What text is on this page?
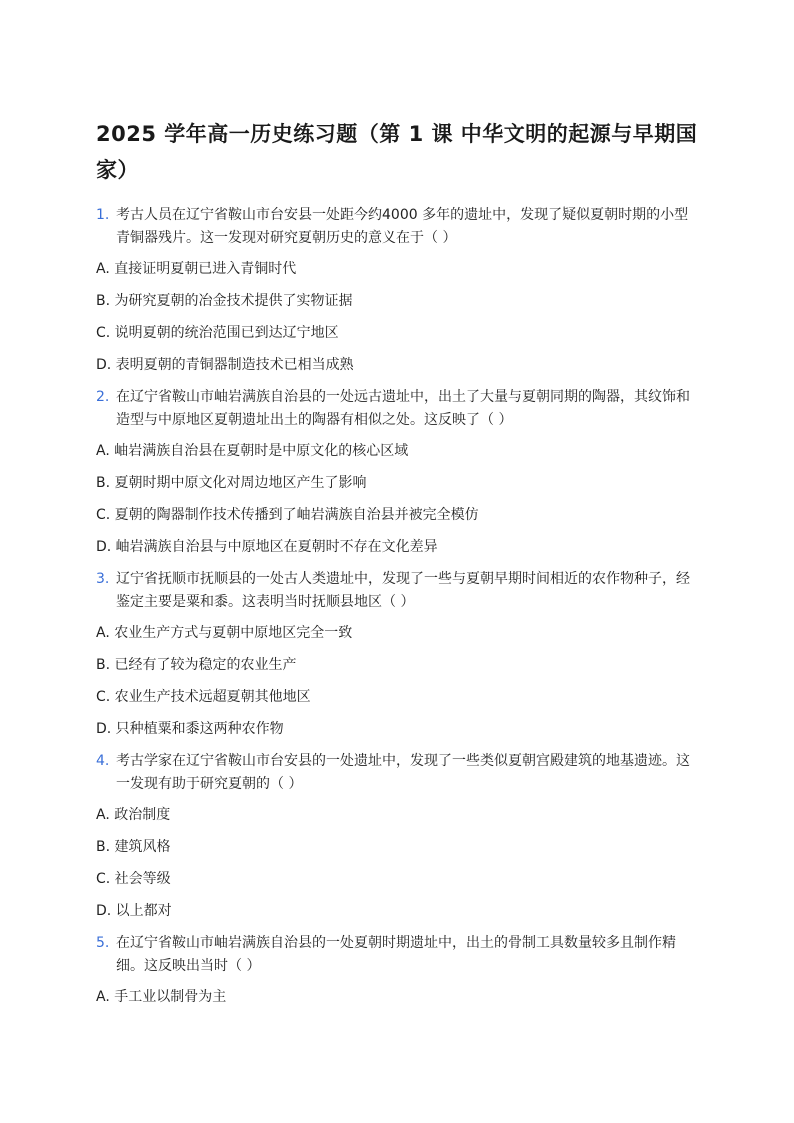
2025 学年高一历史练习题（第 1 课 中华文明的起源与早期国家）
1. 考古人员在辽宁省鞍山市台安县一处距今约4000 多年的遗址中，发现了疑似夏朝时期的小型青铜器残片。这一发现对研究夏朝历史的意义在于（ ）
A. 直接证明夏朝已进入青铜时代
B. 为研究夏朝的冶金技术提供了实物证据
C. 说明夏朝的统治范围已到达辽宁地区
D. 表明夏朝的青铜器制造技术已相当成熟
2. 在辽宁省鞍山市岫岩满族自治县的一处远古遗址中，出土了大量与夏朝同期的陶器，其纹饰和造型与中原地区夏朝遗址出土的陶器有相似之处。这反映了（ ）
A. 岫岩满族自治县在夏朝时是中原文化的核心区域
B. 夏朝时期中原文化对周边地区产生了影响
C. 夏朝的陶器制作技术传播到了岫岩满族自治县并被完全模仿
D. 岫岩满族自治县与中原地区在夏朝时不存在文化差异
3. 辽宁省抚顺市抚顺县的一处古人类遗址中，发现了一些与夏朝早期时间相近的农作物种子，经鉴定主要是粟和黍。这表明当时抚顺县地区（ ）
A. 农业生产方式与夏朝中原地区完全一致
B. 已经有了较为稳定的农业生产
C. 农业生产技术远超夏朝其他地区
D. 只种植粟和黍这两种农作物
4. 考古学家在辽宁省鞍山市台安县的一处遗址中，发现了一些类似夏朝宫殿建筑的地基遗迹。这一发现有助于研究夏朝的（ ）
A. 政治制度
B. 建筑风格
C. 社会等级
D. 以上都对
5. 在辽宁省鞍山市岫岩满族自治县的一处夏朝时期遗址中，出土的骨制工具数量较多且制作精细。这反映出当时（ ）
A. 手工业以制骨为主
